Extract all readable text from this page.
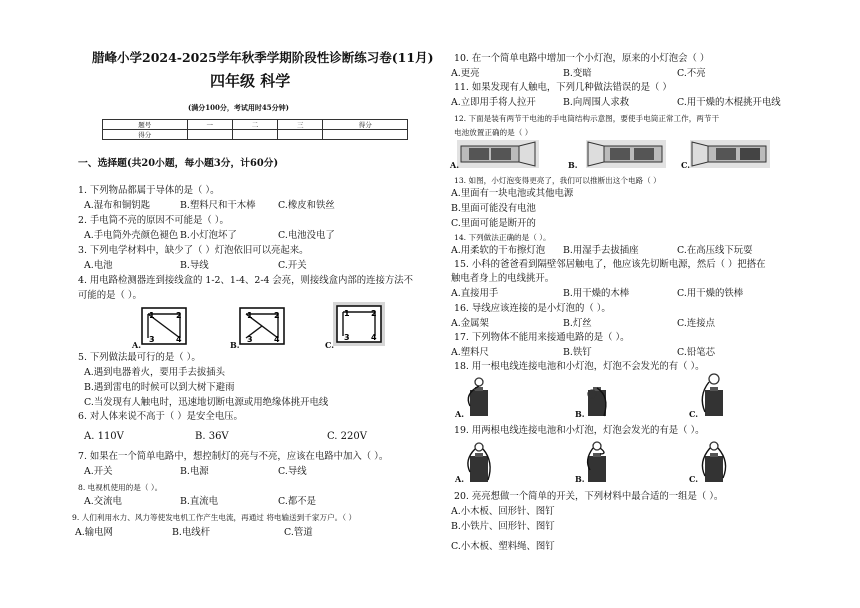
腊峰小学2024-2025学年秋季学期阶段性诊断练习卷(11月)
四年级 科学
(满分100分，考试用时45分钟)
题号	一	二	三	得分
得分				
一、选择题(共20小题，每小题3分，计60分)
1. 下列物品都属于导体的是（ ）。
A.湿布和铜钥匙	B.塑料尺和干木棒 C.橡皮和铁丝
2. 手电筒不亮的原因不可能是（ ）。
A.手电筒外壳颜色褪色 B.小灯泡坏了	C.电池没电了
3. 下列电学材料中，缺少了（ ）灯泡依旧可以亮起来。
A.电池	B.导线	C.开关
4. 用电路检测器连到接线盒的 1-2、1-4、2-4 会亮，则接线盒内部的连接方法不
可能的是（ ）。
1	2
3	4
A.
1	2
3	4
B.
1	2
3	4
C.
5. 下列做法最可行的是（ ）。
A.遇到电器着火，要用手去拔插头
B.遇到雷电的时候可以到大树下避雨
C.当发现有人触电时，迅速地切断电源或用绝缘体挑开电线
6. 对人体来说不高于（ ）是安全电压。
A. 110V	B. 36V	C. 220V
7. 如果在一个简单电路中，想控制灯的亮与不亮，应该在电路中加入（ ）。
A.开关	B.电源	C.导线
8. 电视机使用的是（ ）。
A.交流电	B.直流电	C.都不是
9. 人们利用水力、风力等使发电机工作产生电流，再通过 将电输送到千家万户。（ ）
A.输电网	B.电线杆	C.管道
10. 在一个简单电路中增加一个小灯泡，原来的小灯泡会（ ）
A.更亮	B.变暗	C.不亮
11. 如果发现有人触电，下列几种做法错误的是（ ）
A.立即用手将人拉开	B.向周围人求救	C.用干燥的木棍挑开电线
12. 下面是装有两节干电池的手电筒结构示意图，要使手电筒正常工作，两节干
电池放置正确的是（ ）
A.	B.	C.
13. 如图，小灯泡变得更亮了，我们可以推断出这个电路（ ）
A.里面有一块电池或其他电源
B.里面可能没有电池
C.里面可能是断开的
14. 下列做法正确的是（ ）。
A.用柔软的干布擦灯泡 B.用湿手去拔插座	C.在高压线下玩耍
15. 小科的爸爸看到隔壁邻居触电了，他应该先切断电源，然后（ ）把搭在
触电者身上的电线挑开。
A.直接用手	B.用干燥的木棒	C.用干燥的铁棒
16. 导线应该连接的是小灯泡的（ ）。
A.金属架	B.灯丝	C.连接点
17. 下列物体不能用来接通电路的是（ ）。
A.塑料尺	B.铁钉	C.铅笔芯
18. 用一根电线连接电池和小灯泡，灯泡不会发光的有（ ）。
A.	B.	C.
19. 用两根电线连接电池和小灯泡，灯泡会发光的有是（ ）。
A.	B.	C.
20. 亮亮想做一个简单的开关，下列材料中最合适的一组是（ ）。
A.小木板、回形针、图钉
B.小铁片、回形针、图钉
C.小木板、塑料绳、图钉
